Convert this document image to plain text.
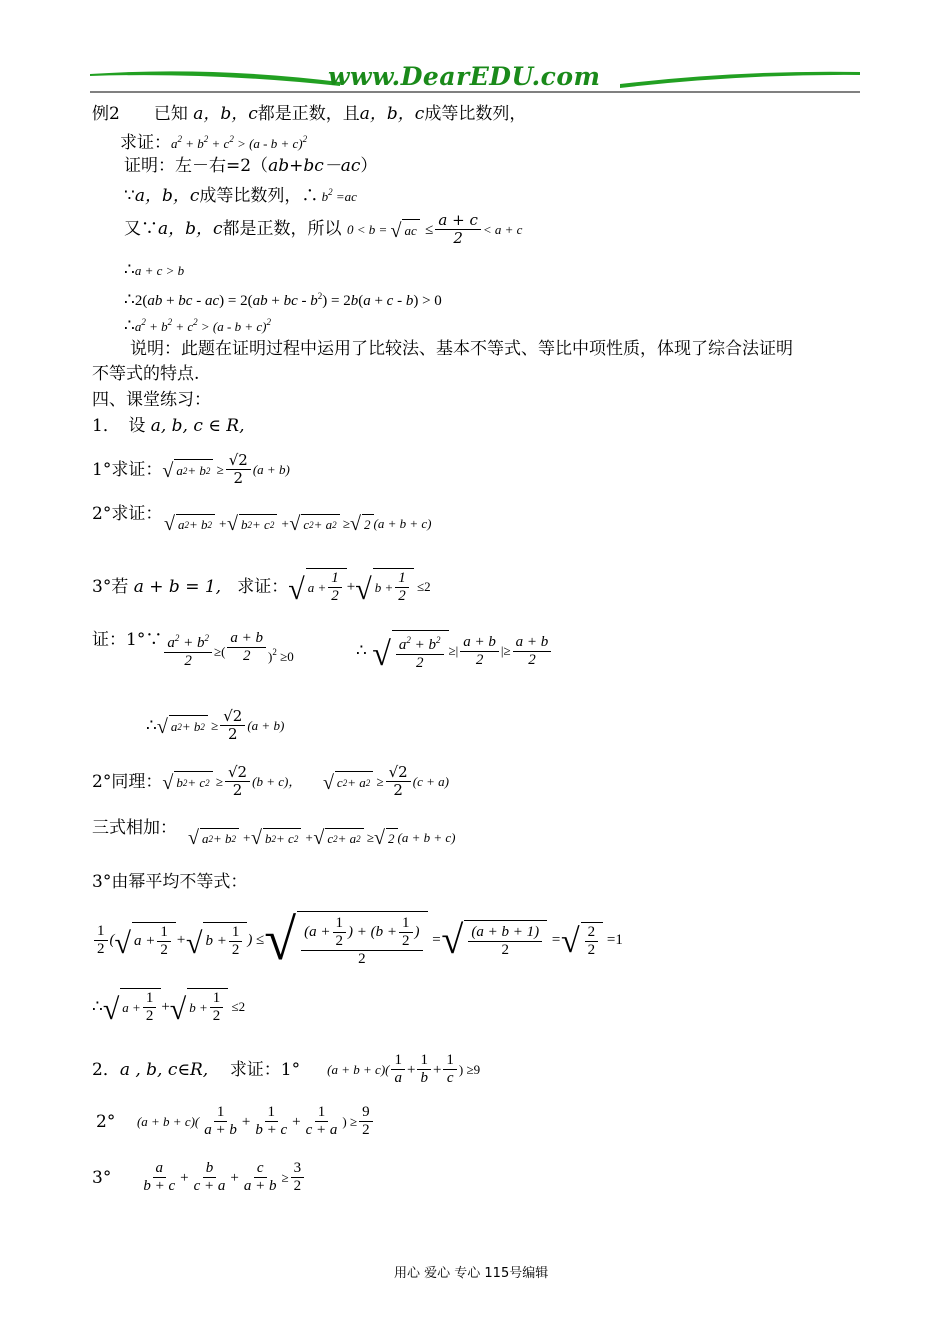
www.DearEDU.com
例2　　已知 a，b，c都是正数，且a，b，c成等比数列，
求证：$a^2 + b^2 + c^2 > (a - b + c)^2$
证明：左－右=2（ab+bc－ac）
∵a，b，c成等比数列，∴ $b^2 =ac$
又∵a，b，c都是正数，所以 0 < b = √ ac ≤ $\frac{a + c}{2} < a + c$
∴a + c > b
∴2(ab + bc - ac) = 2(ab + bc - $b^2) = 2b(a + c - b) > 0$
$\therefore a^2 + b^2 + c^2 > (a - b + c)^2$
说明：此题在证明过程中运用了比较法、基本不等式、等比中项性质，体现了综合法证明
不等式的特点.
四、课堂练习：
1．　设 a, b, c ∈ R,
1°求证： √ a 2 + b $2 \ge \frac{√2}{2} (a + b)$
2°求证： √ a 2 + b 2 + √ b 2 + c 2 + √ c 2 + a 2 ≥ √ 2 (a + b + c)
3°若
a + b = 1,
求证： √ $a + \frac{1}{2}$ + √ $b + \frac{1}{2} \le 2$
证：1°∵ $\frac{a^2 + b^2}{2}$ ≥( $\frac{a + b}{2} )^2 \ge 0$	∴
√ $\frac{a^2 + b^2}{2}$ ≥| $\frac{a + b}{2}$ |≥ $\frac{a + b}{2}$
∴ √ a 2 + b $2 \ge \frac{√2}{2} (a + b)$
2°同理： √ b 2 + c $2 \ge \frac{√2}{2} (b + c)$，
√ c 2 + a $2 \ge \frac{√2}{2} (c + a)$
三式相加： √ a 2 + b 2 + √ b 2 + c 2 + √ c 2 + a 2 ≥ √ 2 (a + b + c)
3°由幂平均不等式：
$\frac{1}{2}$ ( √ $a + \frac{1}{2}$ + √ $b + \frac{1}{2}$ ) ≤ √ $\frac{(a + \frac{1}{2} ) + (b + \frac{1}{2} )}{2}$ = √ $\frac{(a + b + 1)}{2}$ = √ $\frac{2}{2} =1$
∴ √ $a + \frac{1}{2}$ + √ $b + \frac{1}{2} \le 2$
2． a , b, c∈R,
求证：1°
$(a + b + c)( \frac{1}{a} + \frac{1}{b} + \frac{1}{c}$ ) ≥9
2°
$(a + b + c)( \frac{1}{a + b} + \frac{1}{b + c} + \frac{1}{c + a}$ ) ≥ $\frac{9}{2}$
3°
$\frac{a}{b + c} + \frac{b}{c + a} + \frac{c}{a + b} \ge \frac{3}{2}$
用心 爱心 专心 115号编辑
